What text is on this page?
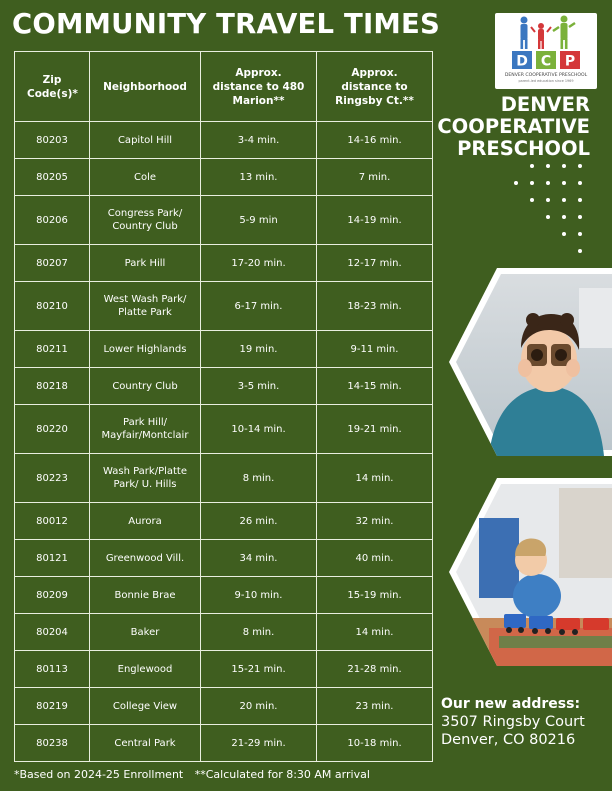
COMMUNITY TRAVEL TIMES
Zip Code(s)*	Neighborhood	Approx. distance to 480 Marion**	Approx. distance to Ringsby Ct.**
80203	Capitol Hill	3-4 min.	14-16 min.
80205	Cole	13 min.	7 min.
80206	Congress Park/ Country Club	5-9 min	14-19 min.
80207	Park Hill	17-20 min.	12-17 min.
80210	West Wash Park/ Platte Park	6-17 min.	18-23 min.
80211	Lower Highlands	19 min.	9-11 min.
80218	Country Club	3-5 min.	14-15 min.
80220	Park Hill/ Mayfair/Montclair	10-14 min.	19-21 min.
80223	Wash Park/Platte Park/ U. Hills	8 min.	14 min.
80012	Aurora	26 min.	32 min.
80121	Greenwood Vill.	34 min.	40 min.
80209	Bonnie Brae	9-10 min.	15-19 min.
80204	Baker	8 min.	14 min.
80113	Englewood	15-21 min.	21-28 min.
80219	College View	20 min.	23 min.
80238	Central Park	21-29 min.	10-18 min.
*Based on 2024-25 Enrollment **Calculated for 8:30 AM arrival
D C P
DENVER COOPERATIVE PRESCHOOL
parent-led education since 1969
DENVER
COOPERATIVE
PRESCHOOL
Our new address:
3507 Ringsby Court
Denver, CO 80216
